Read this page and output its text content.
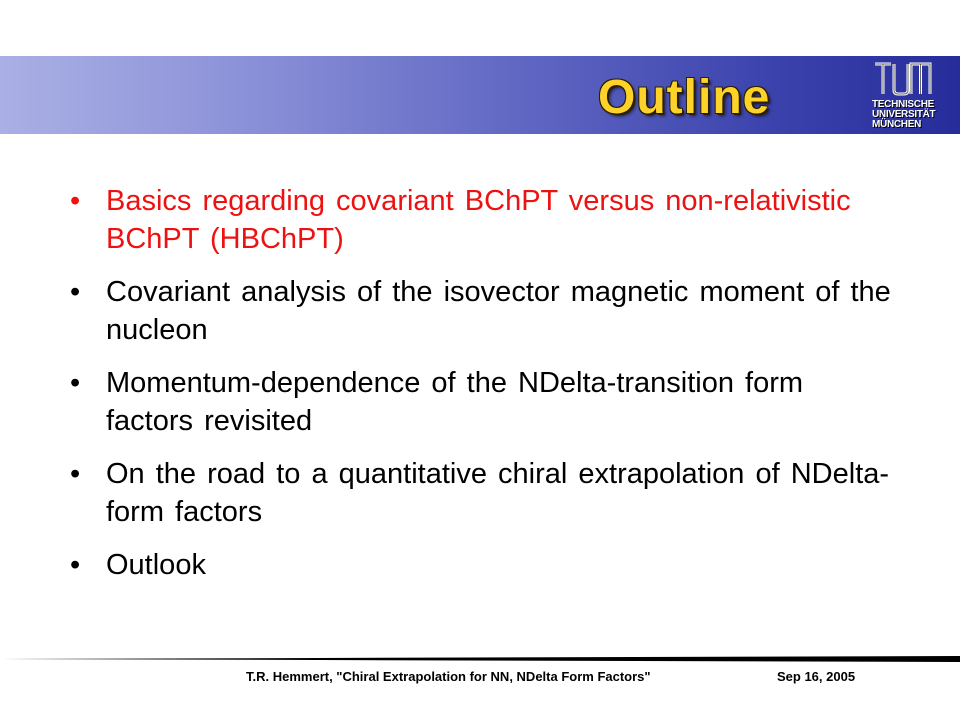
Outline	TECHNISCHE
UNIVERSITÄT
MÜNCHEN
• Basics regarding covariant BChPT versus non-relativistic BChPT (HBChPT)
• Covariant analysis of the isovector magnetic moment of the nucleon
• Momentum-dependence of the NDelta-transition form factors revisited
• On the road to a quantitative chiral extrapolation of NDelta-form factors
• Outlook
T.R. Hemmert, "Chiral Extrapolation for NN, NDelta Form Factors"	Sep 16, 2005
